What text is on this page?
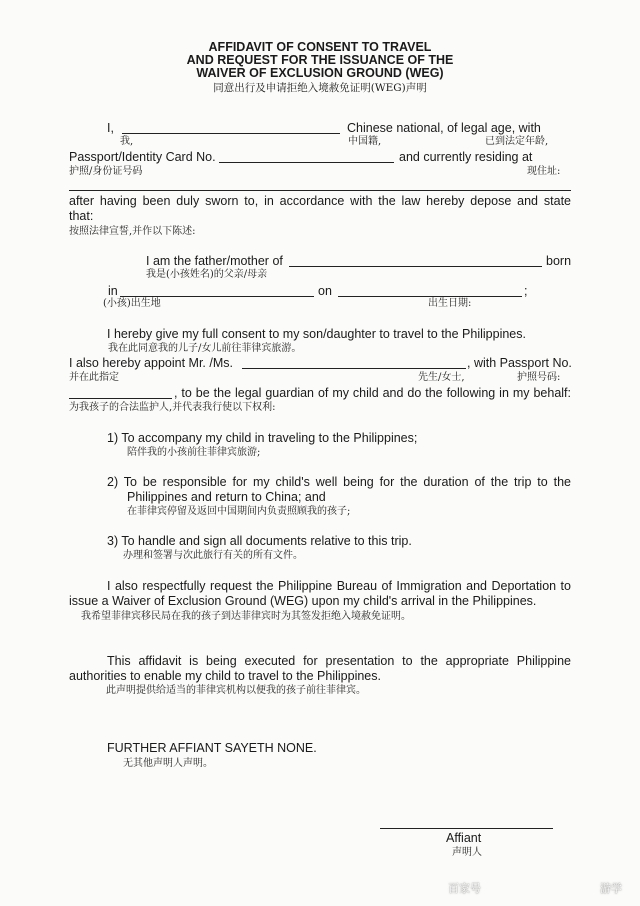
AFFIDAVIT OF CONSENT TO TRAVEL
AND REQUEST FOR THE ISSUANCE OF THE
WAIVER OF EXCLUSION GROUND (WEG)
同意出行及申请拒绝入境赦免证明(WEG)声明
I,	Chinese national, of legal age, with
我,	中国籍,	已到法定年龄,
Passport/Identity Card No.	and currently residing at
护照/身份证号码	现住址:
after having been duly sworn to, in accordance with the law hereby depose and state
that:
按照法律宣誓,并作以下陈述:
I am the father/mother of	born
我是(小孩姓名)的父亲/母亲
in	on	;
(小孩)出生地	出生日期:
I hereby give my full consent to my son/daughter to travel to the Philippines.
我在此同意我的儿子/女儿前往菲律宾旅游。
I also hereby appoint Mr. /Ms.	, with Passport No.
并在此指定	先生/女士,	护照号码:
, to be the legal guardian of my child and do the following in my behalf:
为我孩子的合法监护人,并代表我行使以下权利:
1) To accompany my child in traveling to the Philippines;
陪伴我的小孩前往菲律宾旅游;
2) To be responsible for my child's well being for the duration of the trip to the
Philippines and return to China; and
在菲律宾停留及返回中国期间内负责照顾我的孩子;
3) To handle and sign all documents relative to this trip.
办理和签署与次此旅行有关的所有文件。
I also respectfully request the Philippine Bureau of Immigration and Deportation to
issue a Waiver of Exclusion Ground (WEG) upon my child's arrival in the Philippines.
我希望菲律宾移民局在我的孩子到达菲律宾时为其签发拒绝入境赦免证明。
This affidavit is being executed for presentation to the appropriate Philippine
authorities to enable my child to travel to the Philippines.
此声明提供给适当的菲律宾机构以便我的孩子前往菲律宾。
FURTHER AFFIANT SAYETH NONE.
无其他声明人声明。
Affiant
声明人
百家号	游学
